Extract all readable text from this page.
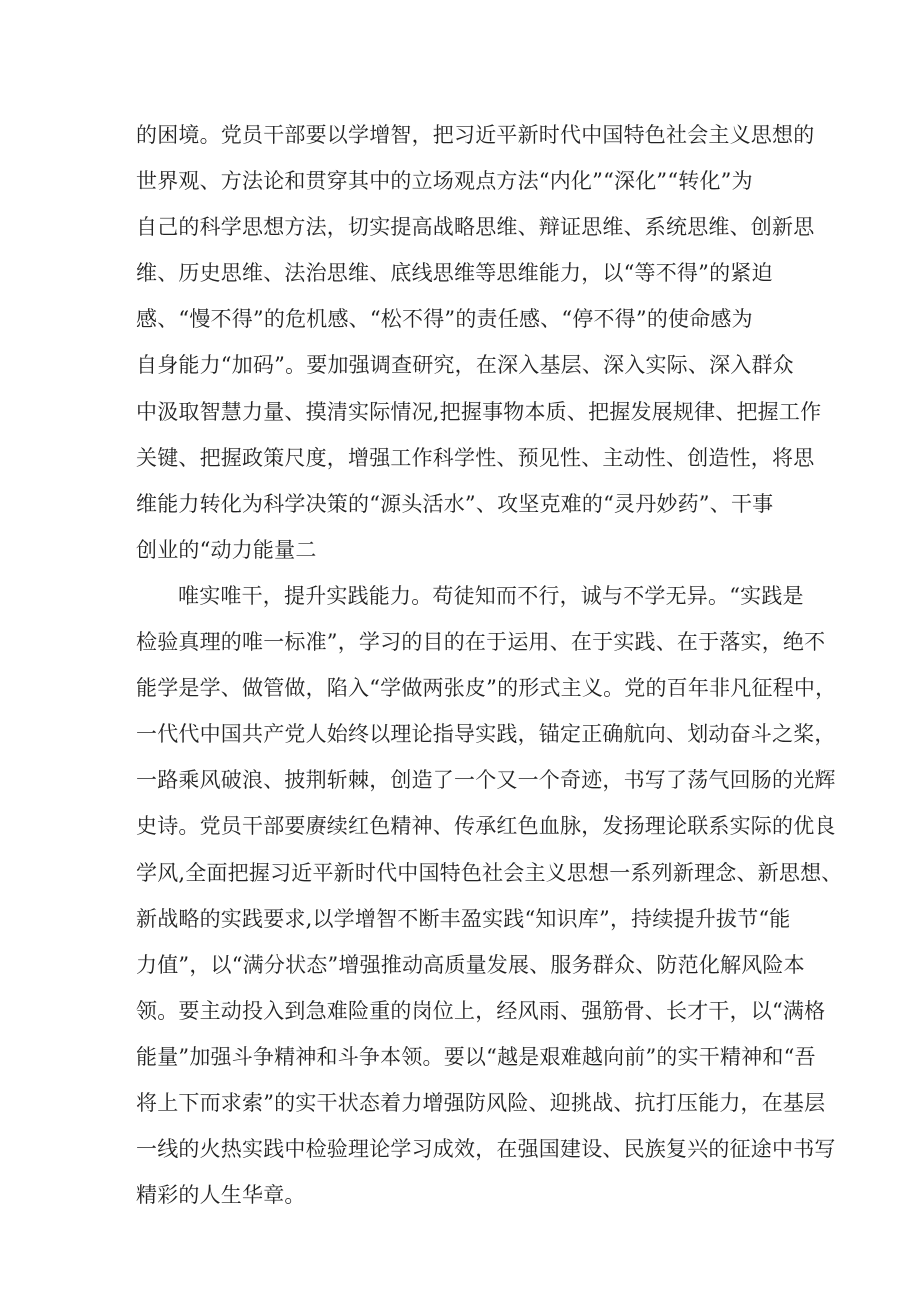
的困境。党员干部要以学增智，把习近平新时代中国特色社会主义思想的
世界观、方法论和贯穿其中的立场观点方法“内化”“深化”“转化”为
自己的科学思想方法，切实提高战略思维、辩证思维、系统思维、创新思
维、历史思维、法治思维、底线思维等思维能力，以“等不得”的紧迫
感、“慢不得”的危机感、“松不得”的责任感、“停不得”的使命感为
自身能力“加码”。要加强调查研究，在深入基层、深入实际、深入群众
中汲取智慧力量、摸清实际情况,把握事物本质、把握发展规律、把握工作
关键、把握政策尺度，增强工作科学性、预见性、主动性、创造性，将思
维能力转化为科学决策的“源头活水”、攻坚克难的“灵丹妙药”、干事
创业的“动力能量二
唯实唯干，提升实践能力。苟徒知而不行，诚与不学无异。“实践是
检验真理的唯一标准”，学习的目的在于运用、在于实践、在于落实，绝不
能学是学、做管做，陷入“学做两张皮”的形式主义。党的百年非凡征程中，
一代代中国共产党人始终以理论指导实践，锚定正确航向、划动奋斗之桨，
一路乘风破浪、披荆斩棘，创造了一个又一个奇迹，书写了荡气回肠的光辉
史诗。党员干部要赓续红色精神、传承红色血脉，发扬理论联系实际的优良
学风,全面把握习近平新时代中国特色社会主义思想一系列新理念、新思想、
新战略的实践要求,以学增智不断丰盈实践“知识库”，持续提升拔节“能
力值”，以“满分状态”增强推动高质量发展、服务群众、防范化解风险本
领。要主动投入到急难险重的岗位上，经风雨、强筋骨、长才干，以“满格
能量”加强斗争精神和斗争本领。要以“越是艰难越向前”的实干精神和“吾
将上下而求索”的实干状态着力增强防风险、迎挑战、抗打压能力，在基层
一线的火热实践中检验理论学习成效，在强国建设、民族复兴的征途中书写
精彩的人生华章。
